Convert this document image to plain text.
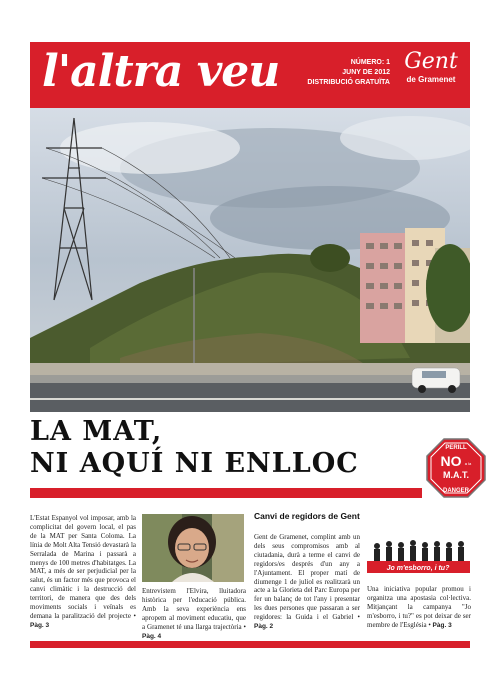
l'altra veu	NÚMERO: 1
JUNY DE 2012
DISTRIBUCIÓ GRATUÏTA
Gent
de Gramenet
LA MAT,
NI AQUÍ NI ENLLOC	PERILL
NO a la
M.A.T.
DANGER
L'Estat Espanyol vol imposar, amb la complicitat del govern local, el pas de la MAT per Santa Coloma. La línia de Molt Alta Tensió devastarà la Serralada de Marina i passarà a menys de 100 metres d'habitatges. La MAT, a més de ser perjudicial per la salut, és un factor més que provoca el canvi climàtic i la destrucció del territori, de manera que des dels moviments socials i veïnals es demana la paralització del projecte • Pàg. 3
Entrevistem l'Elvira, lluitadora històrica per l'educació pública. Amb la seva experiència ens apropem al moviment educatiu, que a Gramenet té una llarga trajectòria • Pàg. 4
Canvi de regidors de Gent
Gent de Gramenet, complint amb un dels seus compromisos amb al ciutadania, durà a terme el canvi de regidors/es després d'un any a l'Ajuntament. El proper matí de diumenge 1 de juliol es realitzarà un acte a la Glorieta del Parc Europa per fer un balanç de tot l'any i presentar les dues persones que passaran a ser regidores: la Guida i el Gabriel • Pàg. 2
Jo m'esborro, i tu?
Una iniciativa popular promou i organitza una apostasia col·lectiva. Mitjançant la campanya "Jo m'esborro, i tu?" es pot deixar de ser membre de l'Església • Pàg. 3
